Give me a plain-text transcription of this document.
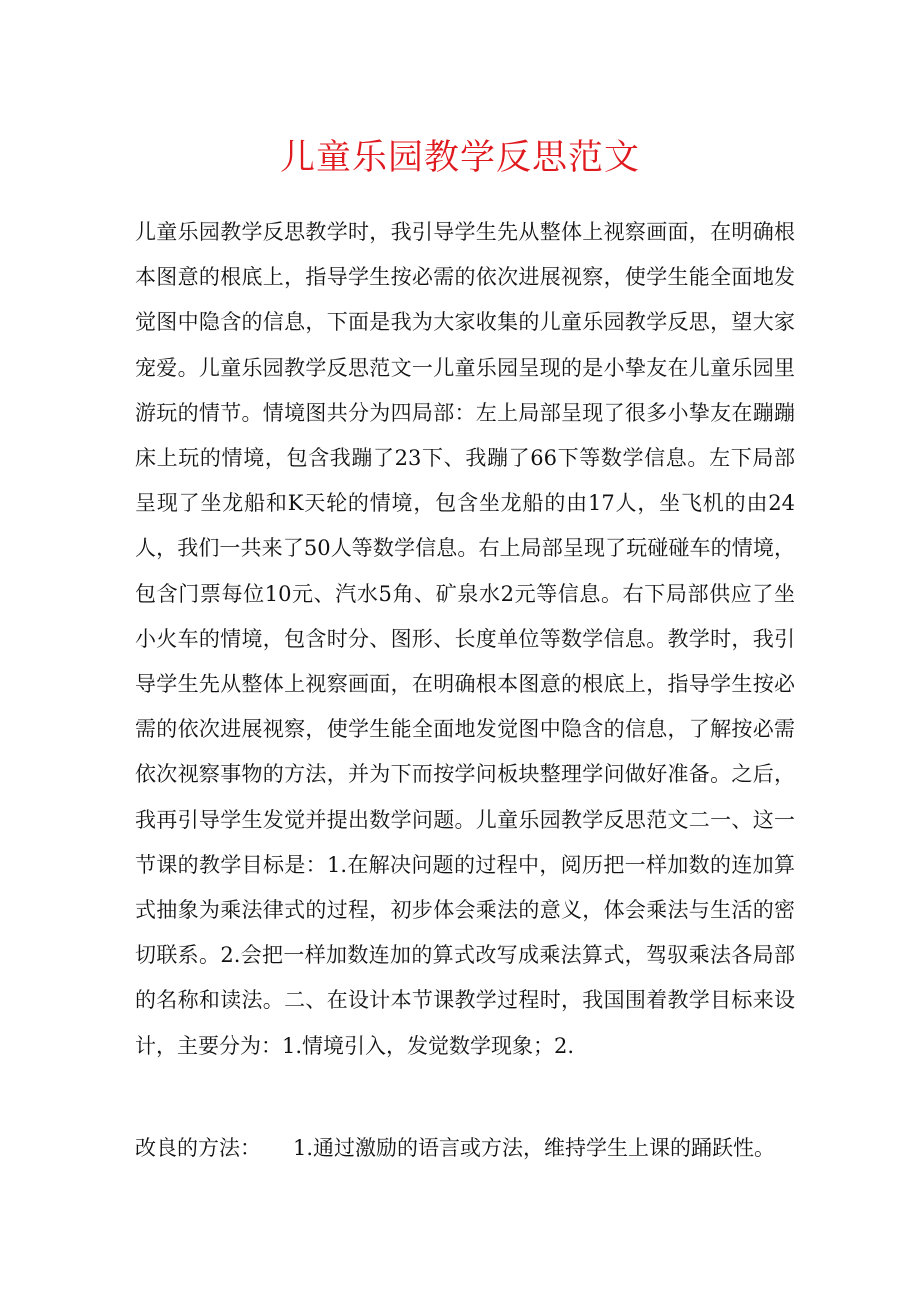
儿童乐园教学反思范文

儿童乐园教学反思教学时，我引导学生先从整体上视察画面，在明确根本图意的根底上，指导学生按必需的依次进展视察，使学生能全面地发觉图中隐含的信息，下面是我为大家收集的儿童乐园教学反思，望大家宠爱。儿童乐园教学反思范文一儿童乐园呈现的是小挚友在儿童乐园里游玩的情节。情境图共分为四局部：左上局部呈现了很多小挚友在蹦蹦床上玩的情境，包含我蹦了23下、我蹦了66下等数学信息。左下局部呈现了坐龙船和K天轮的情境，包含坐龙船的由17人，坐飞机的由24人，我们一共来了50人等数学信息。右上局部呈现了玩碰碰车的情境，包含门票每位10元、汽水5角、矿泉水2元等信息。右下局部供应了坐小火车的情境，包含时分、图形、长度单位等数学信息。教学时，我引导学生先从整体上视察画面，在明确根本图意的根底上，指导学生按必需的依次进展视察，使学生能全面地发觉图中隐含的信息，了解按必需依次视察事物的方法，并为下而按学问板块整理学问做好准备。之后，我再引导学生发觉并提出数学问题。儿童乐园教学反思范文二一、这一节课的教学目标是：1.在解决问题的过程中，阅历把一样加数的连加算式抽象为乘法律式的过程，初步体会乘法的意义，体会乘法与生活的密切联系。2.会把一样加数连加的算式改写成乘法算式，驾驭乘法各局部的名称和读法。二、在设计本节课教学过程时，我国围着教学目标来设计，主要分为：1.情境引入，发觉数学现象；2.

改良的方法： 1.通过激励的语言或方法，维持学生上课的踊跃性。
